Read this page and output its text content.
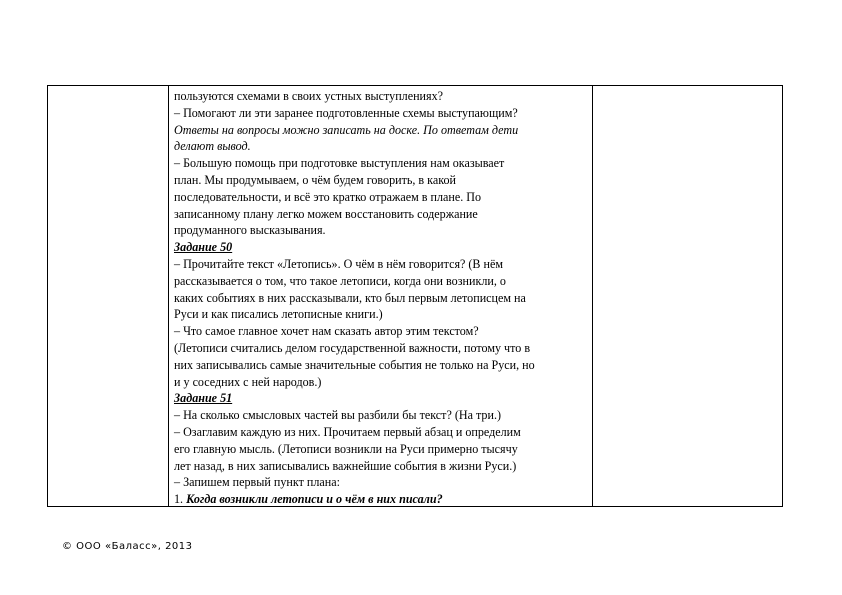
пользуются схемами в своих устных выступлениях?
– Помогают ли эти заранее подготовленные схемы выступающим?
Ответы на вопросы можно записать на доске. По ответам дети
делают вывод.
– Большую помощь при подготовке выступления нам оказывает
план. Мы продумываем, о чём будем говорить, в какой
последовательности, и всё это кратко отражаем в плане. По
записанному плану легко можем восстановить содержание
продуманного высказывания.
Задание 50
– Прочитайте текст «Летопись». О чём в нём говорится? (В нём
рассказывается о том, что такое летописи, когда они возникли, о
каких событиях в них рассказывали, кто был первым летописцем на
Руси и как писались летописные книги.)
– Что самое главное хочет нам сказать автор этим текстом?
(Летописи считались делом государственной важности, потому что в
них записывались самые значительные события не только на Руси, но
и у соседних с ней народов.)
Задание 51
– На сколько смысловых частей вы разбили бы текст? (На три.)
– Озаглавим каждую из них. Прочитаем первый абзац и определим
его главную мысль. (Летописи возникли на Руси примерно тысячу
лет назад, в них записывались важнейшие события в жизни Руси.)
– Запишем первый пункт плана:
1. Когда возникли летописи и о чём в них писали?
© ООО «Баласс», 2013
